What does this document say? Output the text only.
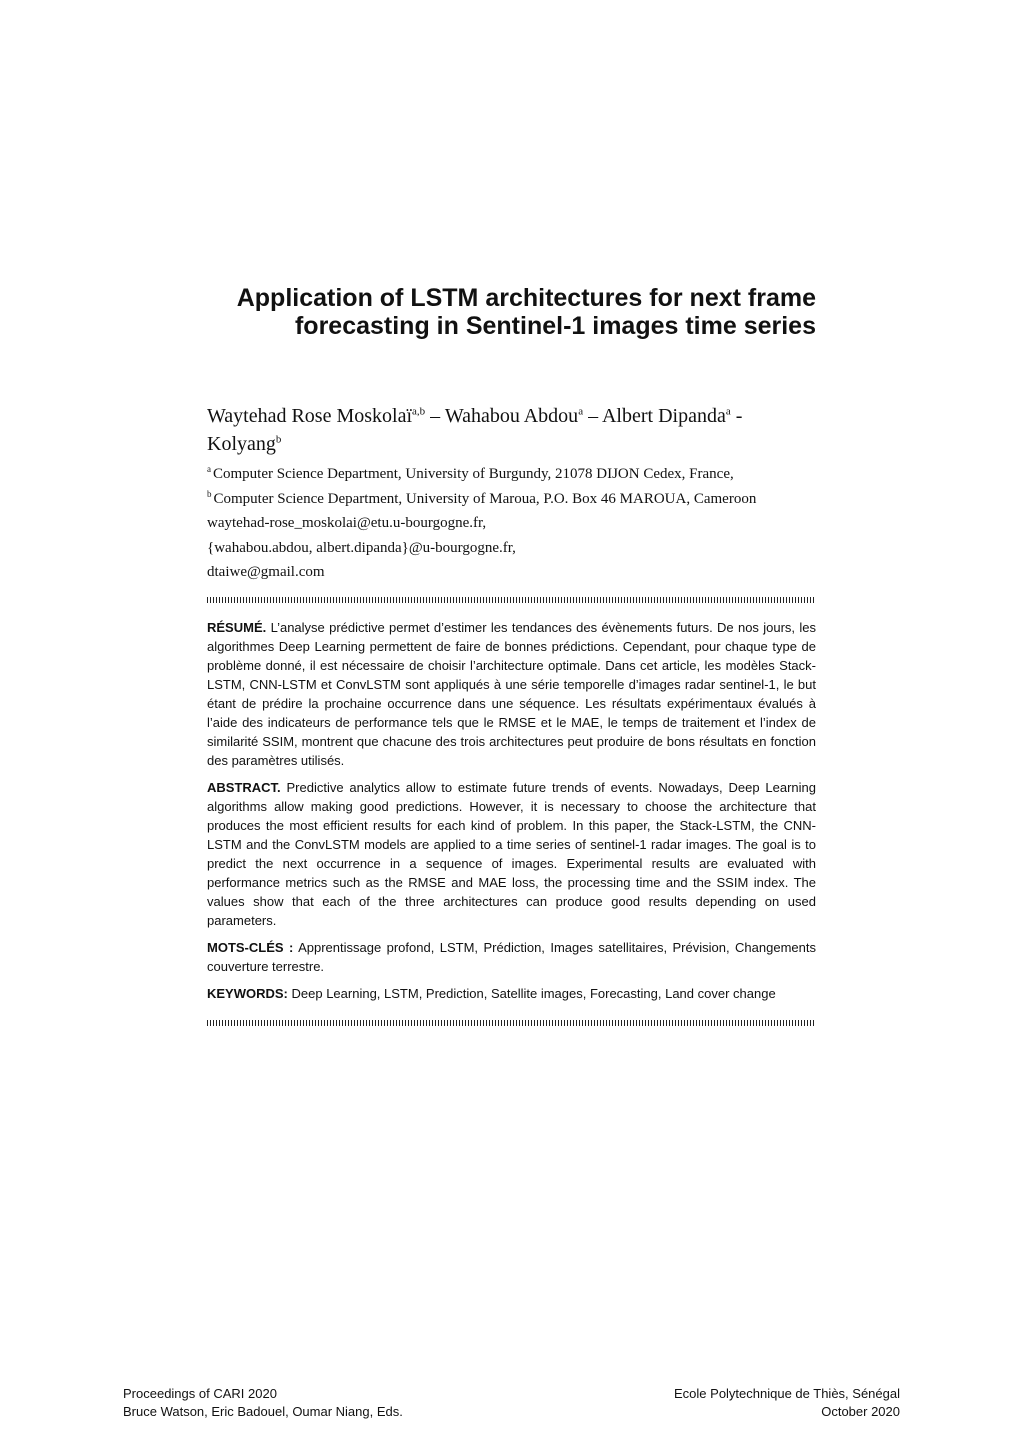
Application of LSTM architectures for next frame forecasting in Sentinel-1 images time series

Waytehad Rose Moskolaï$^{a,b}$ – Wahabou Abdou$^a$ – Albert Dipanda$^a$ -
Kolyang$^b$

$^a$ Computer Science Department, University of Burgundy, 21078 DIJON Cedex, France,
$^b$ Computer Science Department, University of Maroua, P.O. Box 46 MAROUA, Cameroon
waytehad-rose_moskolai@etu.u-bourgogne.fr,
{wahabou.abdou, albert.dipanda}@u-bourgogne.fr,
dtaiwe@gmail.com

RÉSUMÉ. L’analyse prédictive permet d’estimer les tendances des évènements futurs. De nos jours, les algorithmes Deep Learning permettent de faire de bonnes prédictions. Cependant, pour chaque type de problème donné, il est nécessaire de choisir l’architecture optimale. Dans cet article, les modèles Stack-LSTM, CNN-LSTM et ConvLSTM sont appliqués à une série temporelle d’images radar sentinel-1, le but étant de prédire la prochaine occurrence dans une séquence. Les résultats expérimentaux évalués à l’aide des indicateurs de performance tels que le RMSE et le MAE, le temps de traitement et l’index de similarité SSIM, montrent que chacune des trois architectures peut produire de bons résultats en fonction des paramètres utilisés.

ABSTRACT. Predictive analytics allow to estimate future trends of events. Nowadays, Deep Learning algorithms allow making good predictions. However, it is necessary to choose the architecture that produces the most efficient results for each kind of problem. In this paper, the Stack-LSTM, the CNN-LSTM and the ConvLSTM models are applied to a time series of sentinel-1 radar images. The goal is to predict the next occurrence in a sequence of images. Experimental results are evaluated with performance metrics such as the RMSE and MAE loss, the processing time and the SSIM index. The values show that each of the three architectures can produce good results depending on used parameters.

MOTS-CLÉS : Apprentissage profond, LSTM, Prédiction, Images satellitaires, Prévision, Changements couverture terrestre.

KEYWORDS: Deep Learning, LSTM, Prediction, Satellite images, Forecasting, Land cover change

Proceedings of CARI 2020
Bruce Watson, Eric Badouel, Oumar Niang, Eds.
Ecole Polytechnique de Thiès, Sénégal
October 2020
